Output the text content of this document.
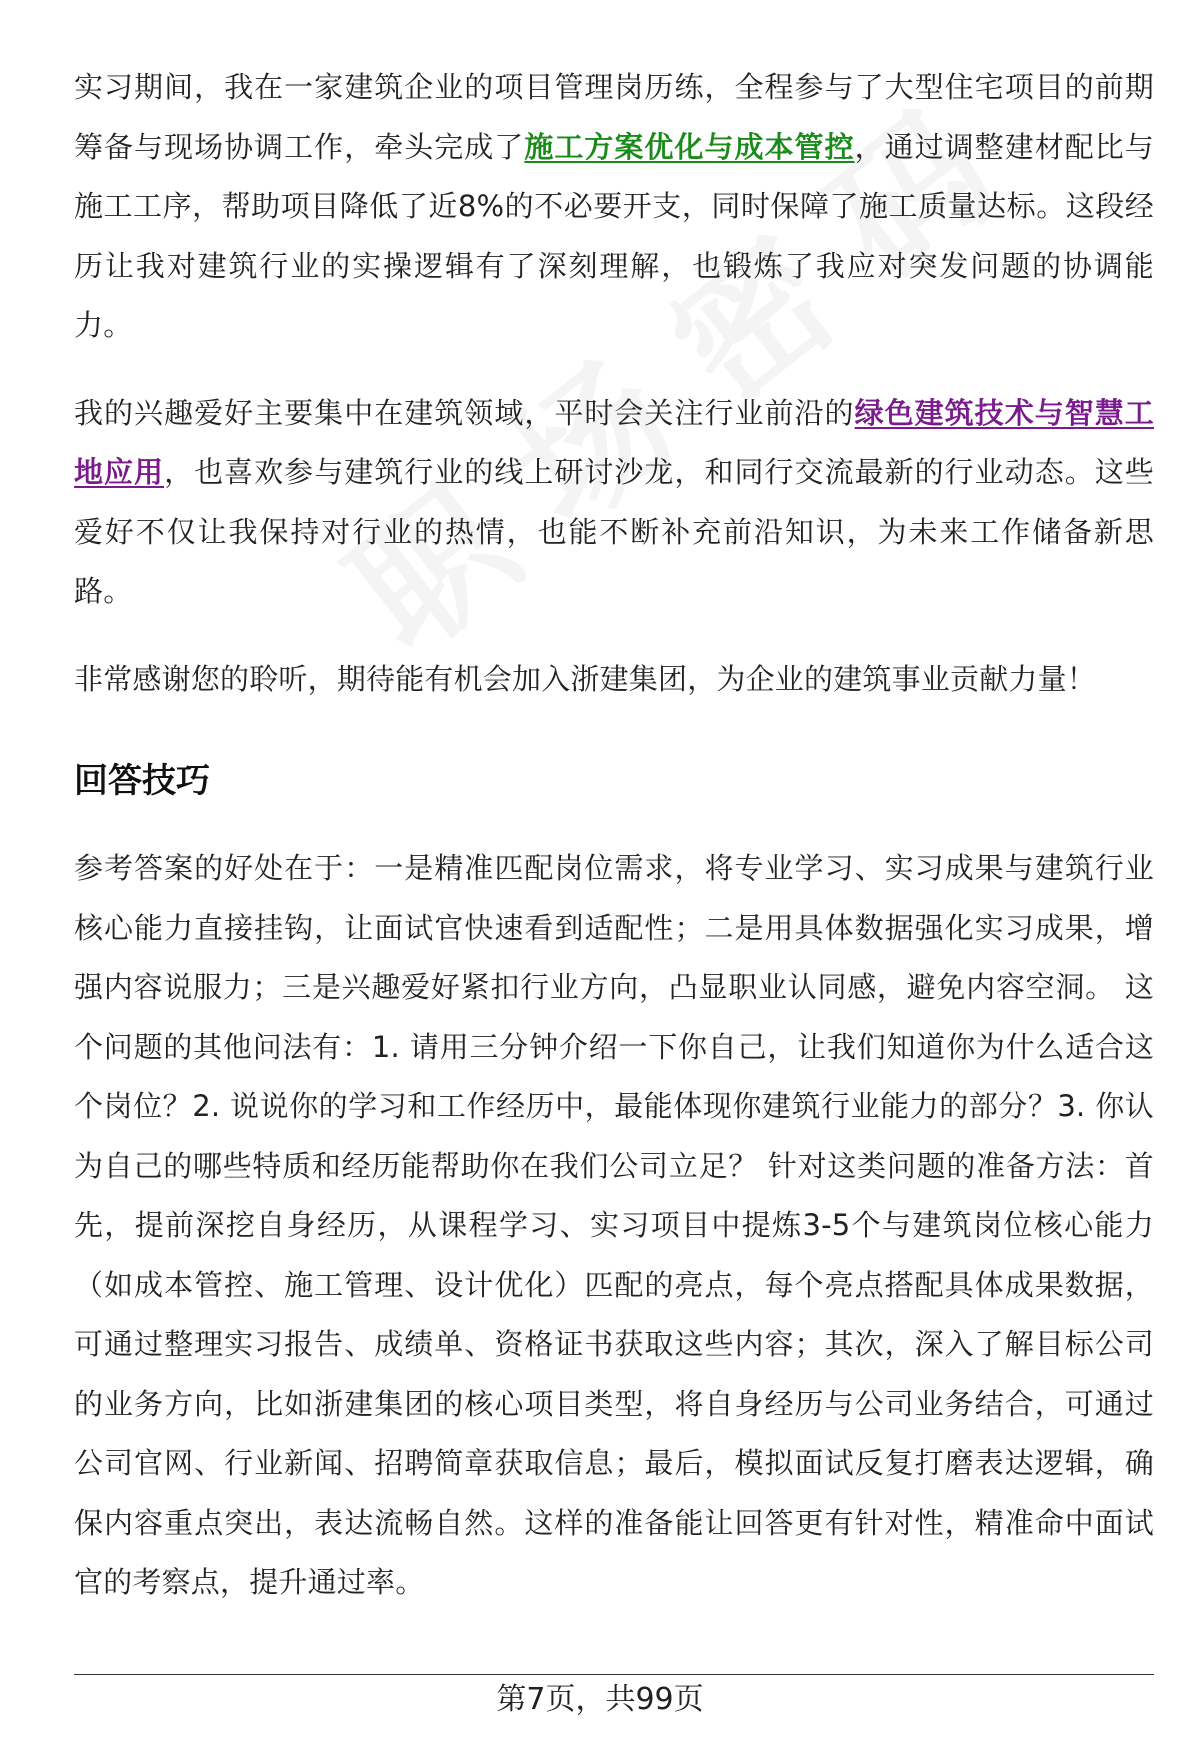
实习期间，我在一家建筑企业的项目管理岗历练，全程参与了大型住宅项目的前期筹备与现场协调工作，牵头完成了施工方案优化与成本管控，通过调整建材配比与施工工序，帮助项目降低了近8%的不必要开支，同时保障了施工质量达标。这段经历让我对建筑行业的实操逻辑有了深刻理解，也锻炼了我应对突发问题的协调能力。

我的兴趣爱好主要集中在建筑领域，平时会关注行业前沿的绿色建筑技术与智慧工地应用，也喜欢参与建筑行业的线上研讨沙龙，和同行交流最新的行业动态。这些爱好不仅让我保持对行业的热情，也能不断补充前沿知识，为未来工作储备新思路。

非常感谢您的聆听，期待能有机会加入浙建集团，为企业的建筑事业贡献力量！

回答技巧

参考答案的好处在于：一是精准匹配岗位需求，将专业学习、实习成果与建筑行业核心能力直接挂钩，让面试官快速看到适配性；二是用具体数据强化实习成果，增强内容说服力；三是兴趣爱好紧扣行业方向，凸显职业认同感，避免内容空洞。 这个问题的其他问法有：1. 请用三分钟介绍一下你自己，让我们知道你为什么适合这个岗位？2. 说说你的学习和工作经历中，最能体现你建筑行业能力的部分？3. 你认为自己的哪些特质和经历能帮助你在我们公司立足？ 针对这类问题的准备方法：首先，提前深挖自身经历，从课程学习、实习项目中提炼3-5个与建筑岗位核心能力（如成本管控、施工管理、设计优化）匹配的亮点，每个亮点搭配具体成果数据，可通过整理实习报告、成绩单、资格证书获取这些内容；其次，深入了解目标公司的业务方向，比如浙建集团的核心项目类型，将自身经历与公司业务结合，可通过公司官网、行业新闻、招聘简章获取信息；最后，模拟面试反复打磨表达逻辑，确保内容重点突出，表达流畅自然。这样的准备能让回答更有针对性，精准命中面试官的考察点，提升通过率。

第7页，共99页
